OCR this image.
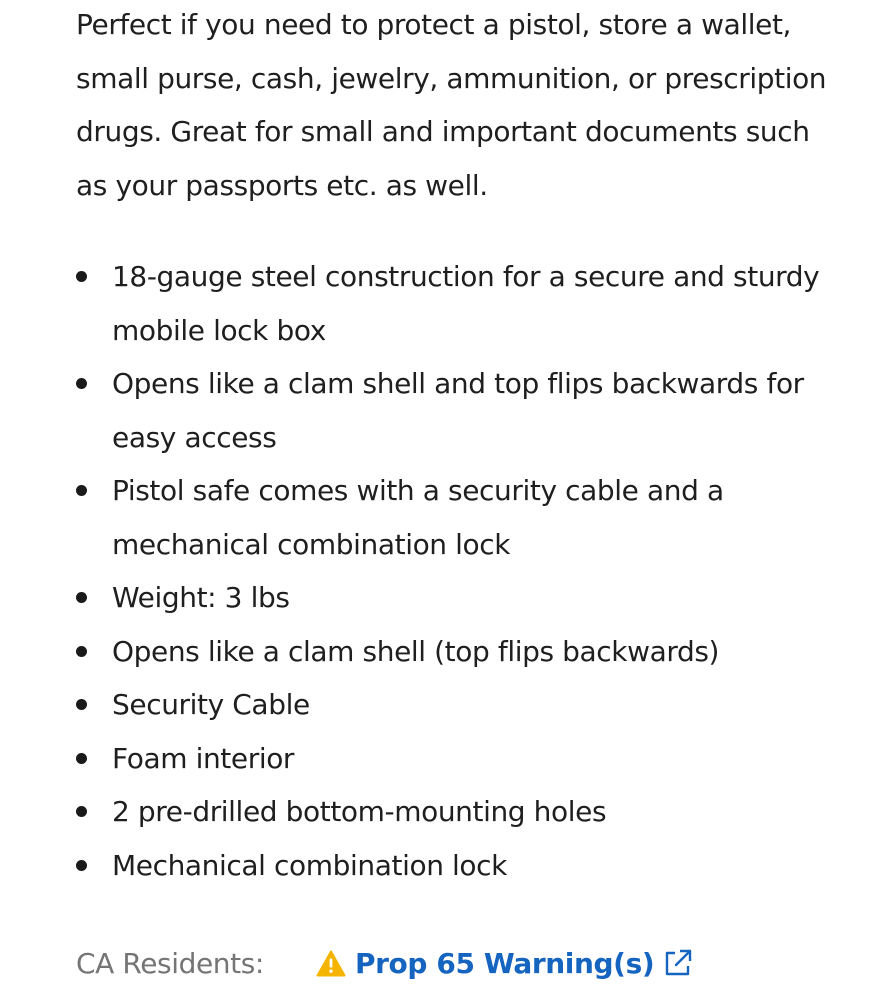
Perfect if you need to protect a pistol, store a wallet, small purse, cash, jewelry, ammunition, or prescription drugs. Great for small and important documents such as your passports etc. as well.

18-gauge steel construction for a secure and sturdy mobile lock box
Opens like a clam shell and top flips backwards for easy access
Pistol safe comes with a security cable and a mechanical combination lock
Weight: 3 lbs
Opens like a clam shell (top flips backwards)
Security Cable
Foam interior
2 pre-drilled bottom-mounting holes
Mechanical combination lock
CA Residents:	Prop 65 Warning(s)
